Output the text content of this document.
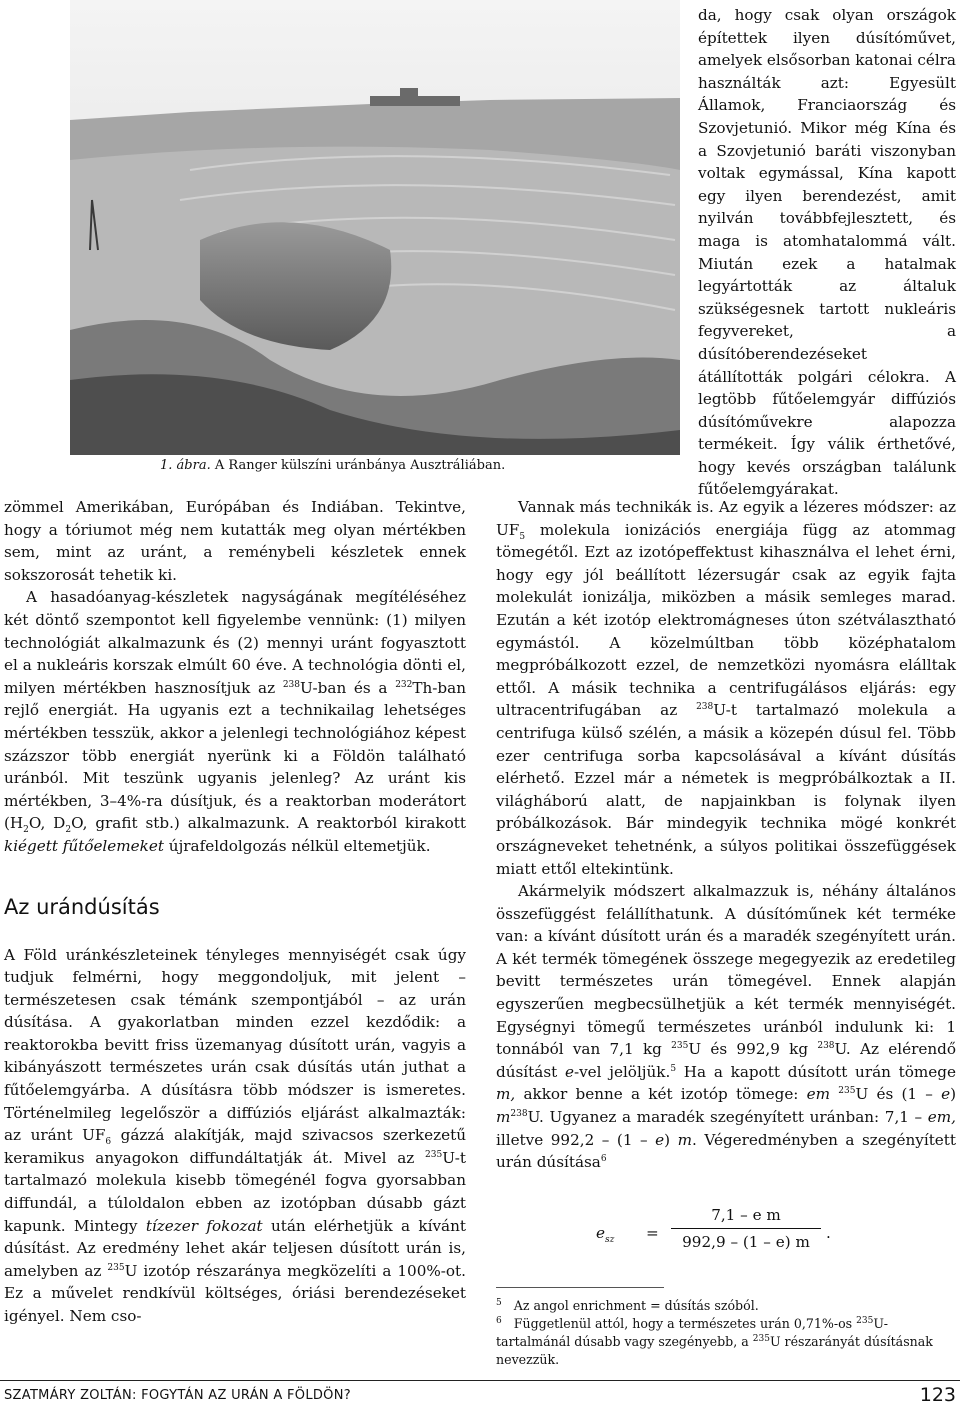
1. ábra. A Ranger külszíni uránbánya Ausztráliában.

da, hogy csak olyan országok építettek ilyen dúsítóművet, amelyek elsősorban katonai célra használták azt: Egyesült Államok, Franciaország és Szovjetunió. Mikor még Kína és a Szovjetunió baráti viszonyban voltak egymással, Kína kapott egy ilyen berendezést, amit nyilván továbbfejlesztett, és maga is atomhatalommá vált. Miután ezek a hatalmak legyártották az általuk szükségesnek tartott nukleáris fegyvereket, a dúsítóberendezéseket átállították polgári célokra. A legtöbb fűtőelemgyár diffúziós dúsítóművekre alapozza termékeit. Így válik érthetővé, hogy kevés országban találunk fűtőelemgyárakat.

zömmel Amerikában, Európában és Indiában. Tekintve, hogy a tóriumot még nem kutatták meg olyan mértékben sem, mint az uránt, a reménybeli készletek ennek sokszorosát tehetik ki.

A hasadóanyag-készletek nagyságának megítéléséhez két döntő szempontot kell figyelembe vennünk: (1) milyen technológiát alkalmazunk és (2) mennyi uránt fogyasztott el a nukleáris korszak elmúlt 60 éve. A technológia dönti el, milyen mértékben hasznosítjuk az $^{238}$U-ban és a $^{232}$Th-ban rejlő energiát. Ha ugyanis ezt a technikailag lehetséges mértékben tesszük, akkor a jelenlegi technológiához képest százszor több energiát nyerünk ki a Földön található uránból. Mit teszünk ugyanis jelenleg? Az uránt kis mértékben, 3–4%-ra dúsítjuk, és a reaktorban moderátort ($H_2O$, $D_2O$, grafit stb.) alkalmazunk. A reaktorból kirakott kiégett fűtőelemeket újrafeldolgozás nélkül eltemetjük.

Az urándúsítás

A Föld uránkészleteinek tényleges mennyiségét csak úgy tudjuk felmérni, hogy meggondoljuk, mit jelent – természetesen csak témánk szempontjából – az urán dúsítása. A gyakorlatban minden ezzel kezdődik: a reaktorokba bevitt friss üzemanyag dúsított urán, vagyis a kibányászott természetes urán csak dúsítás után juthat a fűtőelemgyárba. A dúsításra több módszer is ismeretes. Történelmileg legelőször a diffúziós eljárást alkalmazták: az uránt $UF_6$ gázzá alakítják, majd szivacsos szerkezetű keramikus anyagokon diffundáltatják át. Mivel az $^{235}$U-t tartalmazó molekula kisebb tömegénél fogva gyorsabban diffundál, a túloldalon ebben az izotópban dúsabb gázt kapunk. Mintegy tízezer fokozat után elérhetjük a kívánt dúsítást. Az eredmény lehet akár teljesen dúsított urán is, amelyben az $^{235}$U izotóp részaránya megközelíti a 100%-ot. Ez a művelet rendkívül költséges, óriási berendezéseket igényel. Nem cso-

Vannak más technikák is. Az egyik a lézeres módszer: az $UF_5$ molekula ionizációs energiája függ az atommag tömegétől. Ezt az izotópeffektust kihasználva el lehet érni, hogy egy jól beállított lézersugár csak az egyik fajta molekulát ionizálja, miközben a másik semleges marad. Ezután a két izotóp elektromágneses úton szétválasztható egymástól. A közelmúltban több középhatalom megpróbálkozott ezzel, de nemzetközi nyomásra elálltak ettől. A másik technika a centrifugálásos eljárás: egy ultracentrifugában az $^{238}$U-t tartalmazó molekula a centrifuga külső szélén, a másik a közepén dúsul fel. Több ezer centrifuga sorba kapcsolásával a kívánt dúsítás elérhető. Ezzel már a németek is megpróbálkoztak a II. világháború alatt, de napjainkban is folynak ilyen próbálkozások. Bár mindegyik technika mögé konkrét országneveket tehetnénk, a súlyos politikai összefüggések miatt ettől eltekintünk.

Akármelyik módszert alkalmazzuk is, néhány általános összefüggést felállíthatunk. A dúsítóműnek két terméke van: a kívánt dúsított urán és a maradék szegényített urán. A két termék tömegének összege megegyezik az eredetileg bevitt természetes urán tömegével. Ennek alapján egyszerűen megbecsülhetjük a két termék mennyiségét. Egységnyi tömegű természetes uránból indulunk ki: 1 tonnából van 7,1 kg $^{235}$U és 992,9 kg $^{238}$U. Az elérendő dúsítást e-vel jelöljük.$^5$ Ha a kapott dúsított urán tömege m, akkor benne a két izotóp tömege: em $^{235}$U és (1 – e) $m^{238}U$. Ugyanez a maradék szegényített uránban: 7,1 – em, illetve 992,2 – (1 – e) m. Végeredményben a szegényített urán dúsítása$^6$

$e_{sz} = \frac{\text{7,1 – e m}}{992,9 - (1 - e) m}$ .

$^5$ Az angol enrichment = dúsítás szóból.

$^6$ Függetlenül attól, hogy a természetes urán 0,71%-os $^{235}$U-tartalmánál dúsabb vagy szegényebb, a $^{235}$U részarányát dúsításnak nevezzük.

SZATMÁRY ZOLTÁN: FOGYTÁN AZ URÁN A FÖLDÖN?	123
